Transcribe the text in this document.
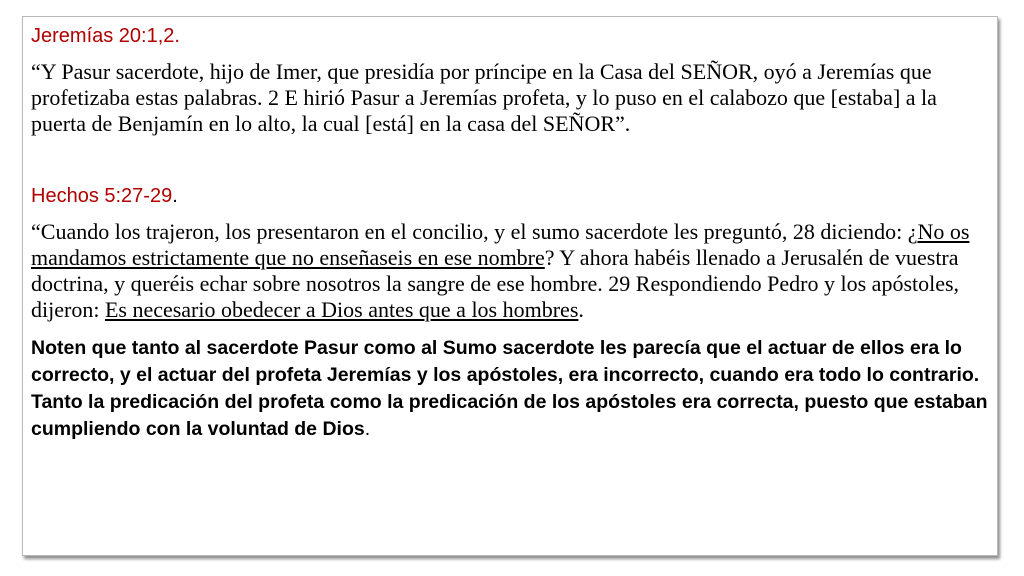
Jeremías 20:1,2.

“Y Pasur sacerdote, hijo de Imer, que presidía por príncipe en la Casa del SEÑOR, oyó a Jeremías que profetizaba estas palabras. 2 E hirió Pasur a Jeremías profeta, y lo puso en el calabozo que [estaba] a la puerta de Benjamín en lo alto, la cual [está] en la casa del SEÑOR”.

Hechos 5:27-29.

“Cuando los trajeron, los presentaron en el concilio, y el sumo sacerdote les preguntó, 28 diciendo: ¿No os mandamos estrictamente que no enseñaseis en ese nombre? Y ahora habéis llenado a Jerusalén de vuestra doctrina, y queréis echar sobre nosotros la sangre de ese hombre. 29 Respondiendo Pedro y los apóstoles, dijeron: Es necesario obedecer a Dios antes que a los hombres.

Noten que tanto al sacerdote Pasur como al Sumo sacerdote les parecía que el actuar de ellos era lo correcto, y el actuar del profeta Jeremías y los apóstoles, era incorrecto, cuando era todo lo contrario. Tanto la predicación del profeta como la predicación de los apóstoles era correcta, puesto que estaban cumpliendo con la voluntad de Dios.
